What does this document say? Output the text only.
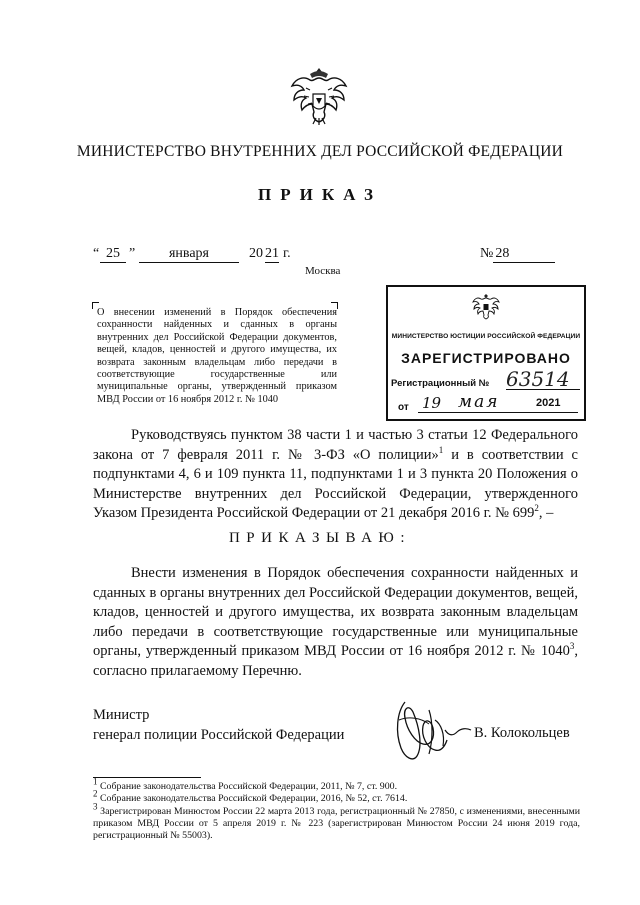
МИНИСТЕРСТВО ВНУТРЕННИХ ДЕЛ РОССИЙСКОЙ ФЕДЕРАЦИИ
ПРИКАЗ
“ 25 ”	января	20 21 г.
Москва
№ 28
О внесении изменений в Порядок обеспечения сохранности найденных и сданных в органы внутренних дел Российской Федерации документов, вещей, кладов, ценностей и другого имущества, их возврата законным владельцам либо передачи в соответствующие государственные или муниципальные органы, утвержденный приказом МВД России от 16 ноября 2012 г. № 1040
МИНИСТЕРСТВО ЮСТИЦИИ РОССИЙСКОЙ ФЕДЕРАЦИИ
ЗАРЕГИСТРИРОВАНО
Регистрационный № 63514
от 19 мая	2021
Руководствуясь пунктом 38 части 1 и частью 3 статьи 12 Федерального закона от 7 февраля 2011 г. № 3-ФЗ «О полиции»$^1$ и в соответствии с подпунктами 4, 6 и 109 пункта 11, подпунктами 1 и 3 пункта 20 Положения о Министерстве внутренних дел Российской Федерации, утвержденного Указом Президента Российской Федерации от 21 декабря 2016 г. № $699^2$, –
ПРИКАЗЫВАЮ:
Внести изменения в Порядок обеспечения сохранности найденных и сданных в органы внутренних дел Российской Федерации документов, вещей, кладов, ценностей и другого имущества, их возврата законным владельцам либо передачи в соответствующие государственные или муниципальные органы, утвержденный приказом МВД России от 16 ноября 2012 г. № 1040$^3$, согласно прилагаемому Перечню.
Министр
генерал полиции Российской Федерации	В. Колокольцев
$^1$ Собрание законодательства Российской Федерации, 2011, № 7, ст. 900.
$^2$ Собрание законодательства Российской Федерации, 2016, № 52, ст. 7614.
$^3$ Зарегистрирован Минюстом России 22 марта 2013 года, регистрационный № 27850, с изменениями, внесенными приказом МВД России от 5 апреля 2019 г. № 223 (зарегистрирован Минюстом России 24 июня 2019 года, регистрационный № 55003).
